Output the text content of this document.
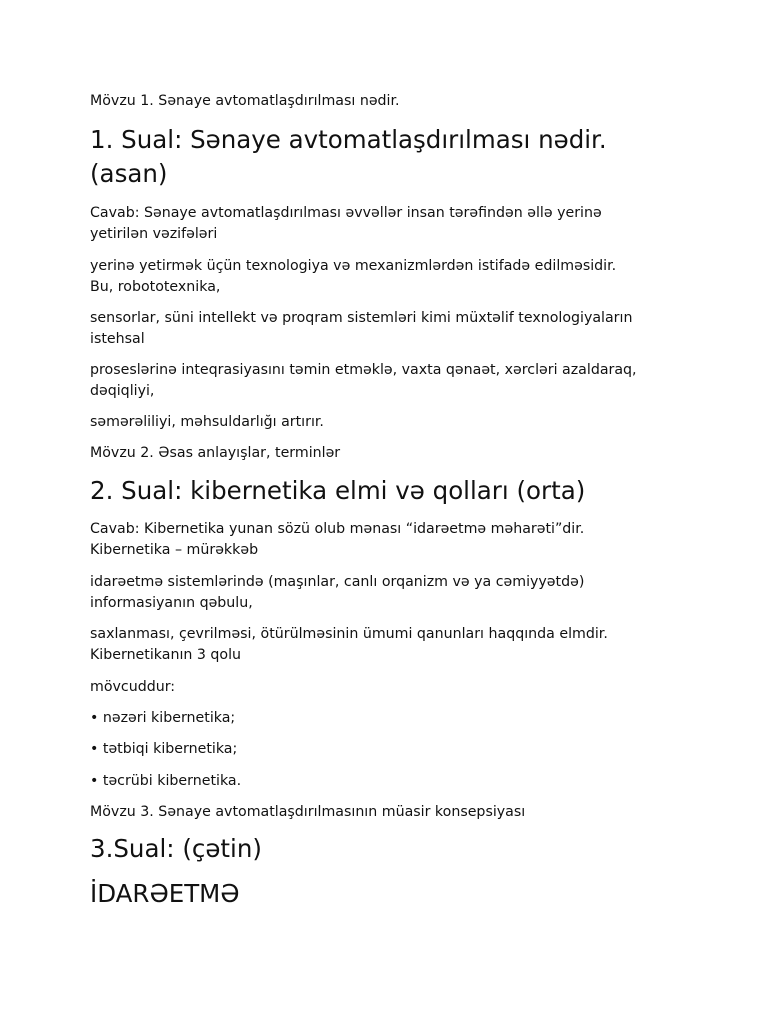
Mövzu 1. Sənaye avtomatlaşdırılması nədir.
1. Sual: Sənaye avtomatlaşdırılması nədir.
(asan)

Cavab: Sənaye avtomatlaşdırılması əvvəllər insan tərəfindən əllə yerinə

yetirilən vəzifələri

yerinə yetirmək üçün texnologiya və mexanizmlərdən istifadə edilməsidir.

Bu, robototexnika,

sensorlar, süni intellekt və proqram sistemləri kimi müxtəlif texnologiyaların

istehsal

proseslərinə inteqrasiyasını təmin etməklə, vaxta qənaət, xərcləri azaldaraq,

dəqiqliyi,

səmərəliliyi, məhsuldarlığı artırır.

Mövzu 2. Əsas anlayışlar, terminlər
2. Sual: kibernetika elmi və qolları (orta)

Cavab: Kibernetika yunan sözü olub mənası “idarəetmə məharəti”dir.

Kibernetika – mürəkkəb

idarəetmə sistemlərində (maşınlar, canlı orqanizm və ya cəmiyyətdə)

informasiyanın qəbulu,

saxlanması, çevrilməsi, ötürülməsinin ümumi qanunları haqqında elmdir.

Kibernetikanın 3 qolu

mövcuddur:

• nəzəri kibernetika;

• tətbiqi kibernetika;

• təcrübi kibernetika.

Mövzu 3. Sənaye avtomatlaşdırılmasının müasir konsepsiyası
3.Sual: (çətin)
İDARƏETMƏ
